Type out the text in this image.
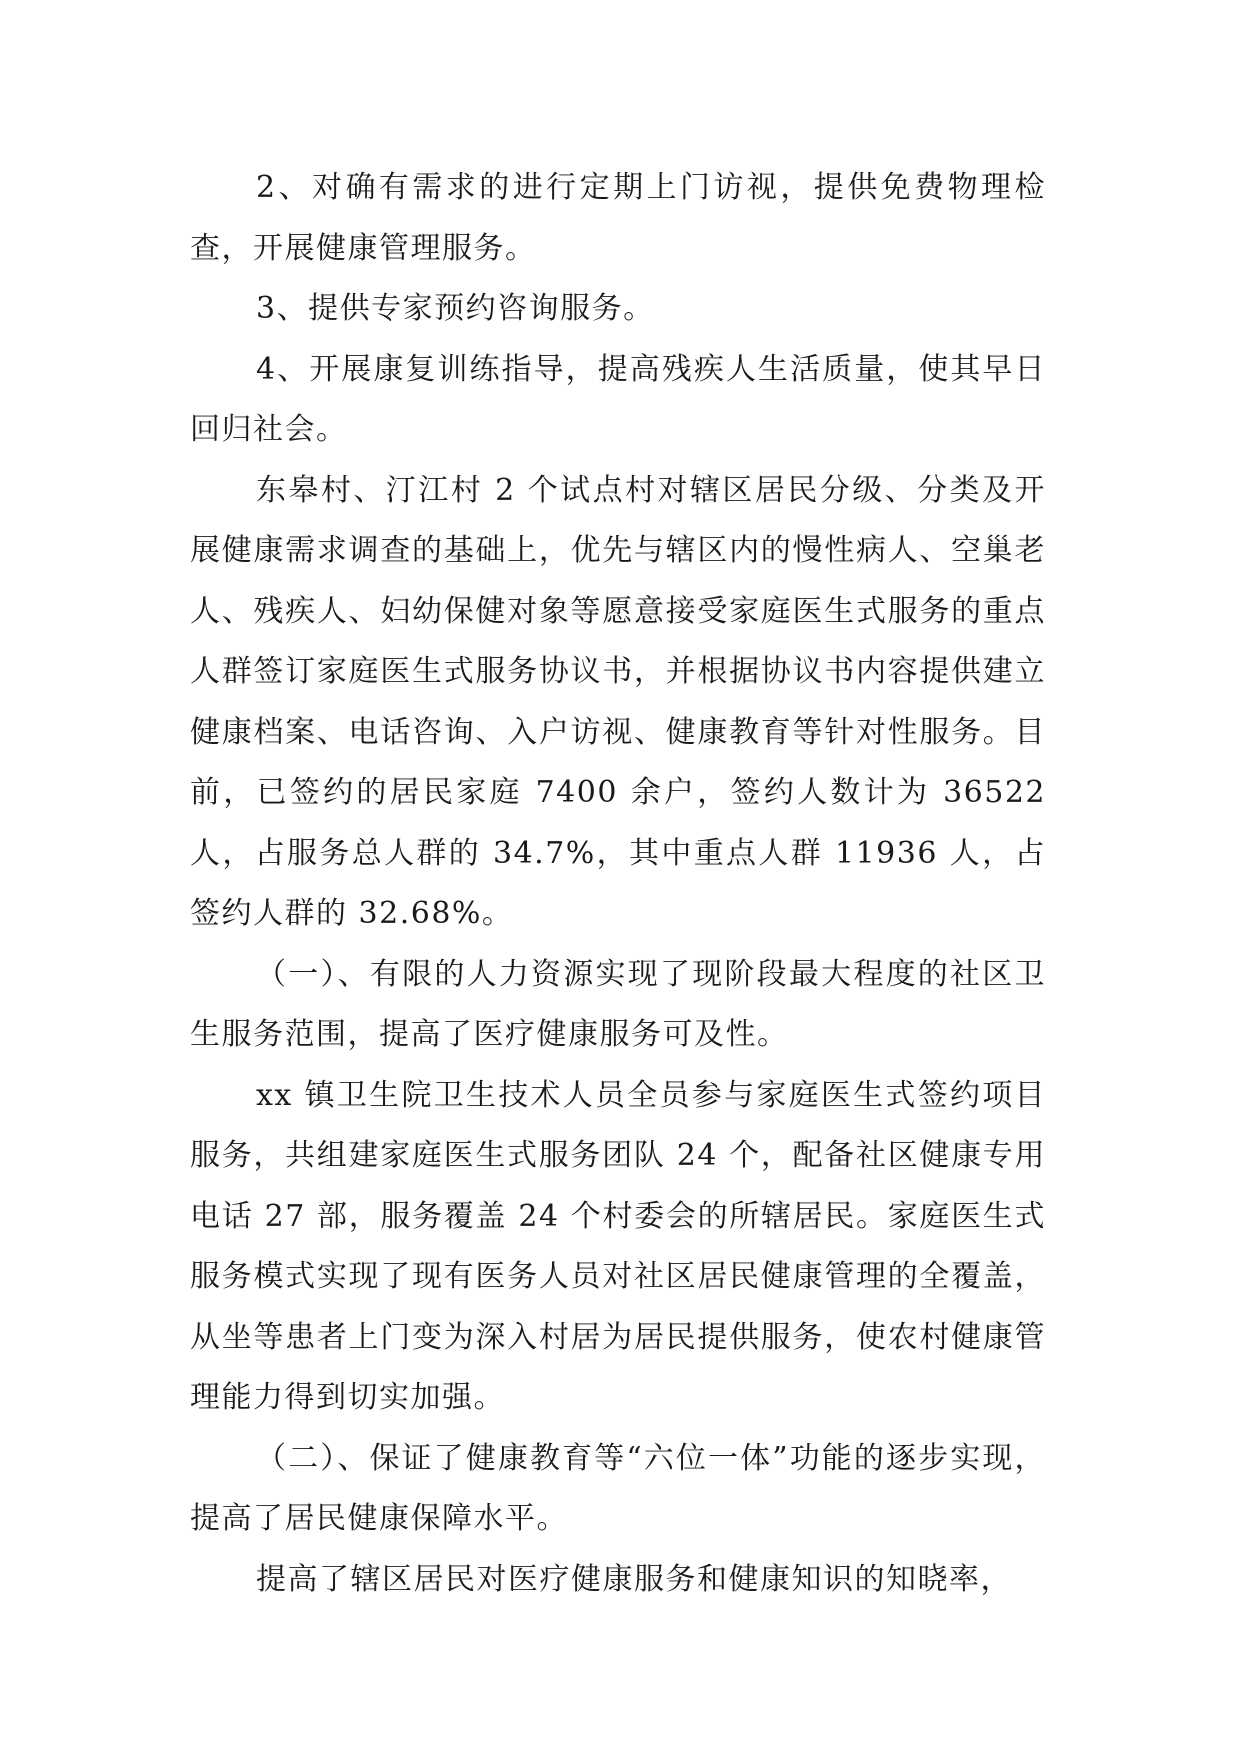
2、对确有需求的进行定期上门访视，提供免费物理检查，开展健康管理服务。

3、提供专家预约咨询服务。

4、开展康复训练指导，提高残疾人生活质量，使其早日回归社会。

东皋村、汀江村 2 个试点村对辖区居民分级、分类及开展健康需求调查的基础上，优先与辖区内的慢性病人、空巢老人、残疾人、妇幼保健对象等愿意接受家庭医生式服务的重点人群签订家庭医生式服务协议书，并根据协议书内容提供建立健康档案、电话咨询、入户访视、健康教育等针对性服务。目前，已签约的居民家庭 7400 余户，签约人数计为 36522 人，占服务总人群的 34.7%，其中重点人群 11936 人，占签约人群的 32.68%。

（一）、有限的人力资源实现了现阶段最大程度的社区卫生服务范围，提高了医疗健康服务可及性。

xx 镇卫生院卫生技术人员全员参与家庭医生式签约项目服务，共组建家庭医生式服务团队 24 个，配备社区健康专用电话 27 部，服务覆盖 24 个村委会的所辖居民。家庭医生式服务模式实现了现有医务人员对社区居民健康管理的全覆盖，从坐等患者上门变为深入村居为居民提供服务，使农村健康管理能力得到切实加强。

（二）、保证了健康教育等“六位一体”功能的逐步实现，提高了居民健康保障水平。

提高了辖区居民对医疗健康服务和健康知识的知晓率，
